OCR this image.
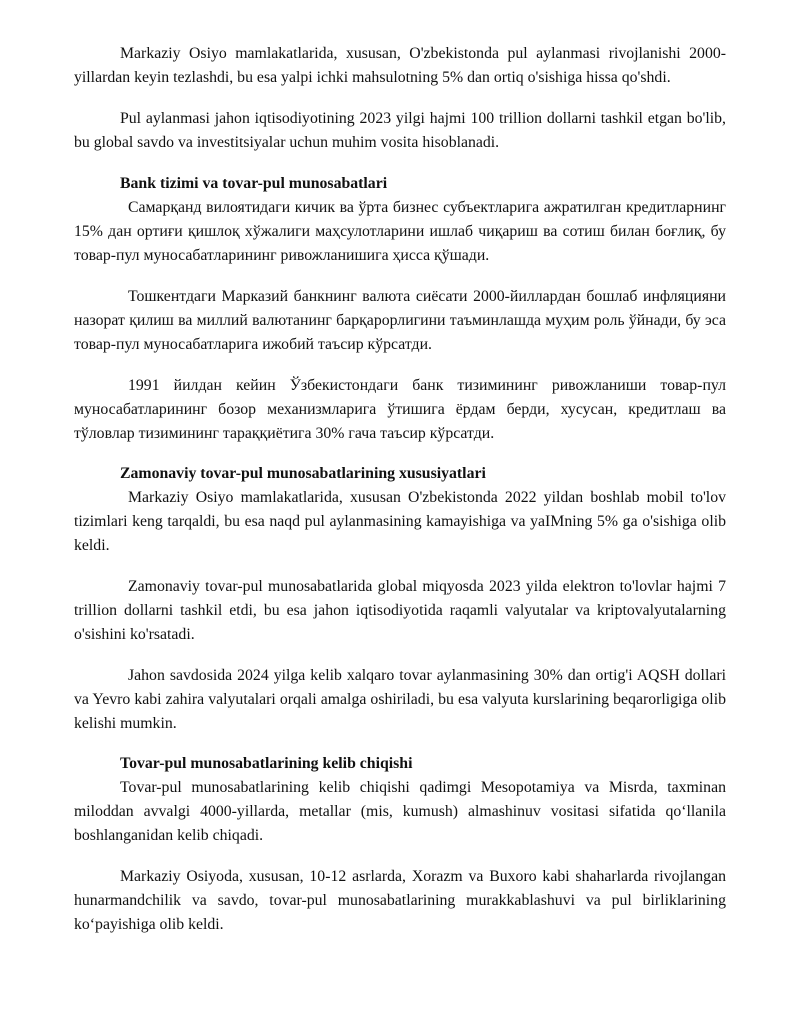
Markaziy Osiyo mamlakatlarida, xususan, O'zbekistonda pul aylanmasi rivojlanishi 2000-yillardan keyin tezlashdi, bu esa yalpi ichki mahsulotning 5% dan ortiq o'sishiga hissa qo'shdi.

Pul aylanmasi jahon iqtisodiyotining 2023 yilgi hajmi 100 trillion dollarni tashkil etgan bo'lib, bu global savdo va investitsiyalar uchun muhim vosita hisoblanadi.

Bank tizimi va tovar-pul munosabatlari

Самарқанд вилоятидаги кичик ва ўрта бизнес субъектларига ажратилган кредитларнинг 15% дан ортиғи қишлоқ хўжалиги маҳсулотларини ишлаб чиқариш ва сотиш билан боғлиқ, бу товар-пул муносабатларининг ривожланишига ҳисса қўшади.

Тошкентдаги Марказий банкнинг валюта сиёсати 2000-йиллардан бошлаб инфляцияни назорат қилиш ва миллий валютанинг барқарорлигини таъминлашда муҳим роль ўйнади, бу эса товар-пул муносабатларига ижобий таъсир кўрсатди.

1991 йилдан кейин Ўзбекистондаги банк тизимининг ривожланиши товар-пул муносабатларининг бозор механизмларига ўтишига ёрдам берди, хусусан, кредитлаш ва тўловлар тизимининг тараққиётига 30% гача таъсир кўрсатди.

Zamonaviy tovar-pul munosabatlarining xususiyatlari

Markaziy Osiyo mamlakatlarida, xususan O'zbekistonda 2022 yildan boshlab mobil to'lov tizimlari keng tarqaldi, bu esa naqd pul aylanmasining kamayishiga va yaIMning 5% ga o'sishiga olib keldi.

Zamonaviy tovar-pul munosabatlarida global miqyosda 2023 yilda elektron to'lovlar hajmi 7 trillion dollarni tashkil etdi, bu esa jahon iqtisodiyotida raqamli valyutalar va kriptovalyutalarning o'sishini ko'rsatadi.

Jahon savdosida 2024 yilga kelib xalqaro tovar aylanmasining 30% dan ortig'i AQSH dollari va Yevro kabi zahira valyutalari orqali amalga oshiriladi, bu esa valyuta kurslarining beqarorligiga olib kelishi mumkin.

Tovar-pul munosabatlarining kelib chiqishi

Tovar-pul munosabatlarining kelib chiqishi qadimgi Mesopotamiya va Misrda, taxminan miloddan avvalgi 4000-yillarda, metallar (mis, kumush) almashinuv vositasi sifatida qo‘llanila boshlanganidan kelib chiqadi.

Markaziy Osiyoda, xususan, 10-12 asrlarda, Xorazm va Buxoro kabi shaharlarda rivojlangan hunarmandchilik va savdo, tovar-pul munosabatlarining murakkablashuvi va pul birliklarining ko‘payishiga olib keldi.
